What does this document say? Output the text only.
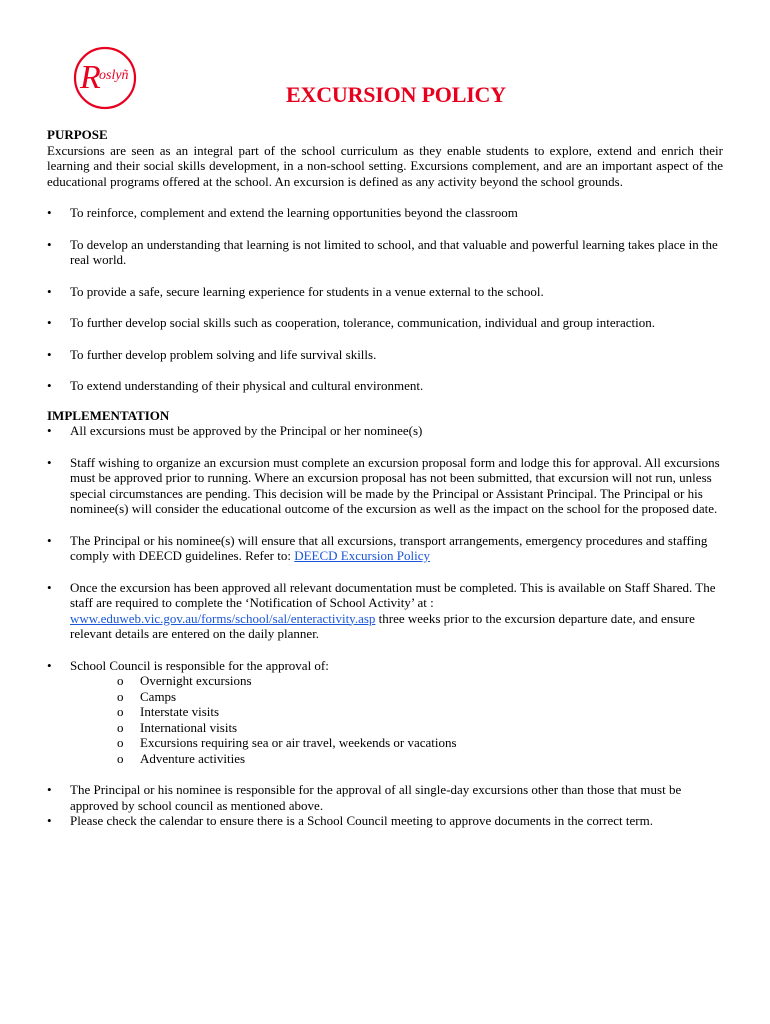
R
oslyñ
EXCURSION POLICY
PURPOSE
Excursions are seen as an integral part of the school curriculum as they enable students to explore, extend and enrich their learning and their social skills development, in a non-school setting. Excursions complement, and are an important aspect of the educational programs offered at the school. An excursion is defined as any activity beyond the school grounds.
• To reinforce, complement and extend the learning opportunities beyond the classroom
• To develop an understanding that learning is not limited to school, and that valuable and powerful learning takes place in the real world.
• To provide a safe, secure learning experience for students in a venue external to the school.
• To further develop social skills such as cooperation, tolerance, communication, individual and group interaction.
• To further develop problem solving and life survival skills.
• To extend understanding of their physical and cultural environment.
IMPLEMENTATION
• All excursions must be approved by the Principal or her nominee(s)
• Staff wishing to organize an excursion must complete an excursion proposal form and lodge this for approval. All excursions must be approved prior to running. Where an excursion proposal has not been submitted, that excursion will not run, unless special circumstances are pending. This decision will be made by the Principal or Assistant Principal. The Principal or his nominee(s) will consider the educational outcome of the excursion as well as the impact on the school for the proposed date.
• The Principal or his nominee(s) will ensure that all excursions, transport arrangements, emergency procedures and staffing comply with DEECD guidelines. Refer to: DEECD Excursion Policy
• Once the excursion has been approved all relevant documentation must be completed. This is available on Staff Shared. The staff are required to complete the ‘Notification of School Activity’ at :
www.eduweb.vic.gov.au/forms/school/sal/enteractivity.asp three weeks prior to the excursion departure date, and ensure relevant details are entered on the daily planner.
• School Council is responsible for the approval of:
o Overnight excursions
o Camps
o Interstate visits
o International visits
o Excursions requiring sea or air travel, weekends or vacations
o Adventure activities
• The Principal or his nominee is responsible for the approval of all single-day excursions other than those that must be approved by school council as mentioned above.
• Please check the calendar to ensure there is a School Council meeting to approve documents in the correct term.
